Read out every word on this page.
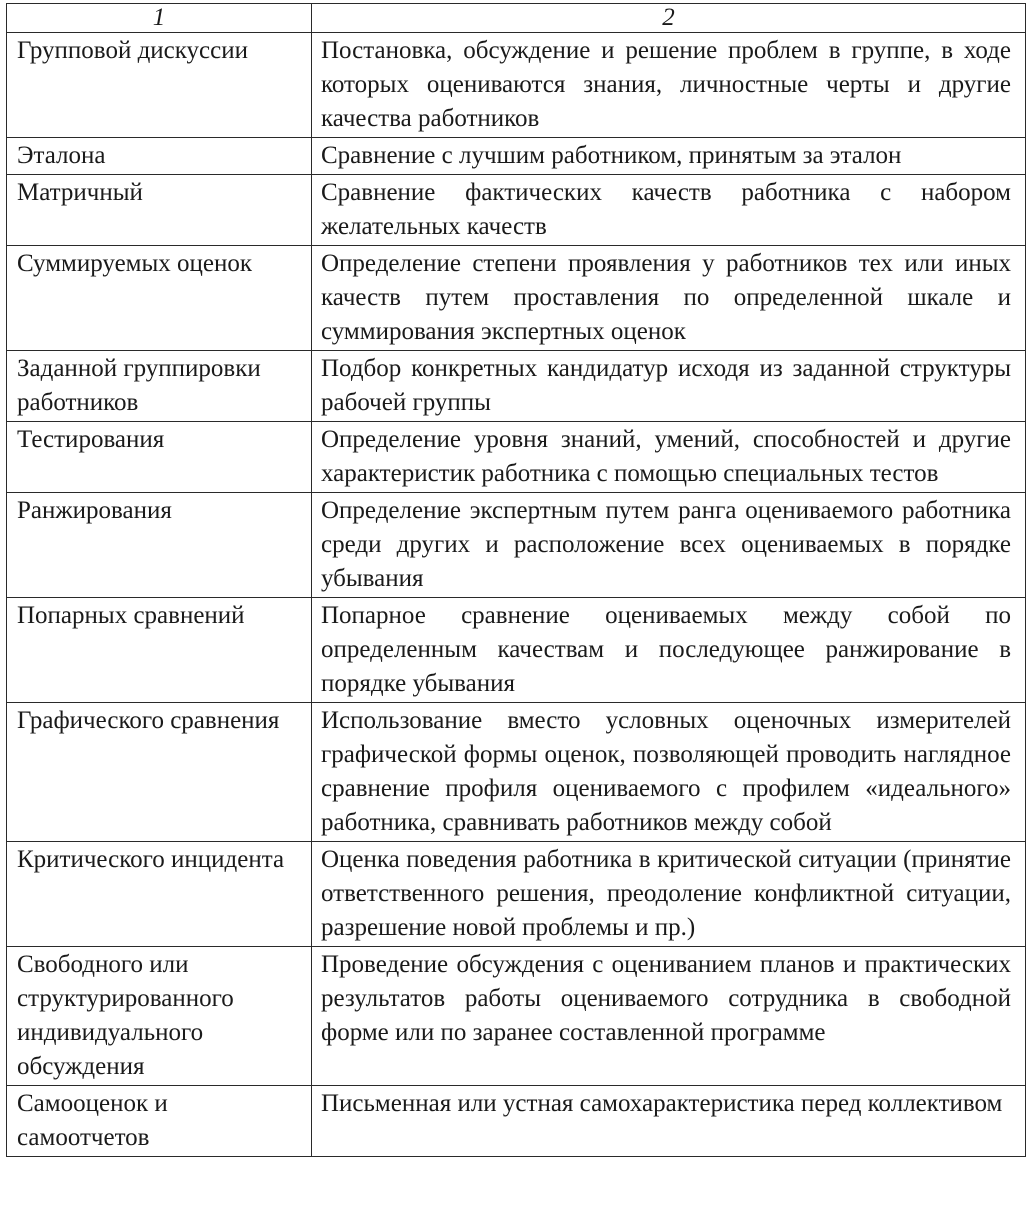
1	2
Групповой дискуссии	Постановка, обсуждение и решение проблем в группе, в ходе которых оцениваются знания, личностные черты и другие качества работников
Эталона	Сравнение с лучшим работником, принятым за эталон
Матричный	Сравнение фактических качеств работника с набором желательных качеств
Суммируемых оценок	Определение степени проявления у работников тех или иных качеств путем проставления по определенной шкале и суммирования экспертных оценок
Заданной группировки работников	Подбор конкретных кандидатур исходя из заданной структуры рабочей группы
Тестирования	Определение уровня знаний, умений, способностей и другие характеристик работника с помощью специальных тестов
Ранжирования	Определение экспертным путем ранга оцениваемого работника среди других и расположение всех оцениваемых в порядке убывания
Попарных сравнений	Попарное сравнение оцениваемых между собой по определенным качествам и последующее ранжирование в порядке убывания
Графического сравнения	Использование вместо условных оценочных измерителей графической формы оценок, позволяющей проводить наглядное сравнение профиля оцениваемого с профилем «идеального» работника, сравнивать работников между собой
Критического инцидента	Оценка поведения работника в критической ситуации (принятие ответственного решения, преодоление конфликтной ситуации, разрешение новой проблемы и пр.)
Свободного или структурированного индивидуального обсуждения	Проведение обсуждения с оцениванием планов и практических результатов работы оцениваемого сотрудника в свободной форме или по заранее составленной программе
Самооценок и самоотчетов	Письменная или устная самохарактеристика перед коллективом
